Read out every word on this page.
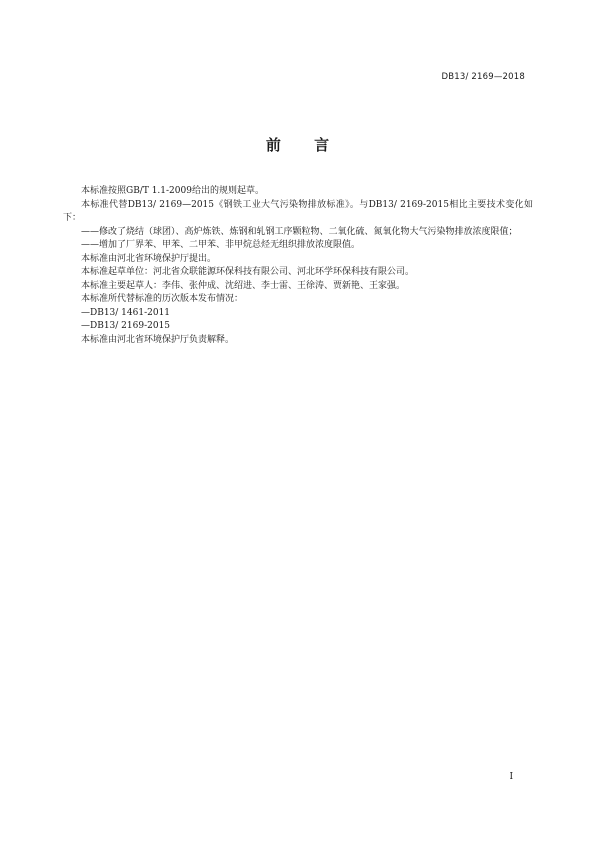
DB13/ 2169—2018
前 言

本标准按照GB/T 1.1-2009给出的规则起草。

本标准代替DB13/ 2169—2015《钢铁工业大气污染物排放标准》。与DB13/ 2169-2015相比主要技术变化如下：

——修改了烧结（球团）、高炉炼铁、炼钢和轧钢工序颗粒物、二氧化硫、氮氧化物大气污染物排放浓度限值；

——增加了厂界苯、甲苯、二甲苯、非甲烷总烃无组织排放浓度限值。

本标准由河北省环境保护厅提出。

本标准起草单位：河北省众联能源环保科技有限公司、河北环学环保科技有限公司。

本标准主要起草人：李伟、张仲成、沈绍进、李士雷、王徐涛、贾新艳、王家强。

本标准所代替标准的历次版本发布情况：

—DB13/ 1461-2011

—DB13/ 2169-2015

本标准由河北省环境保护厅负责解释。

I
